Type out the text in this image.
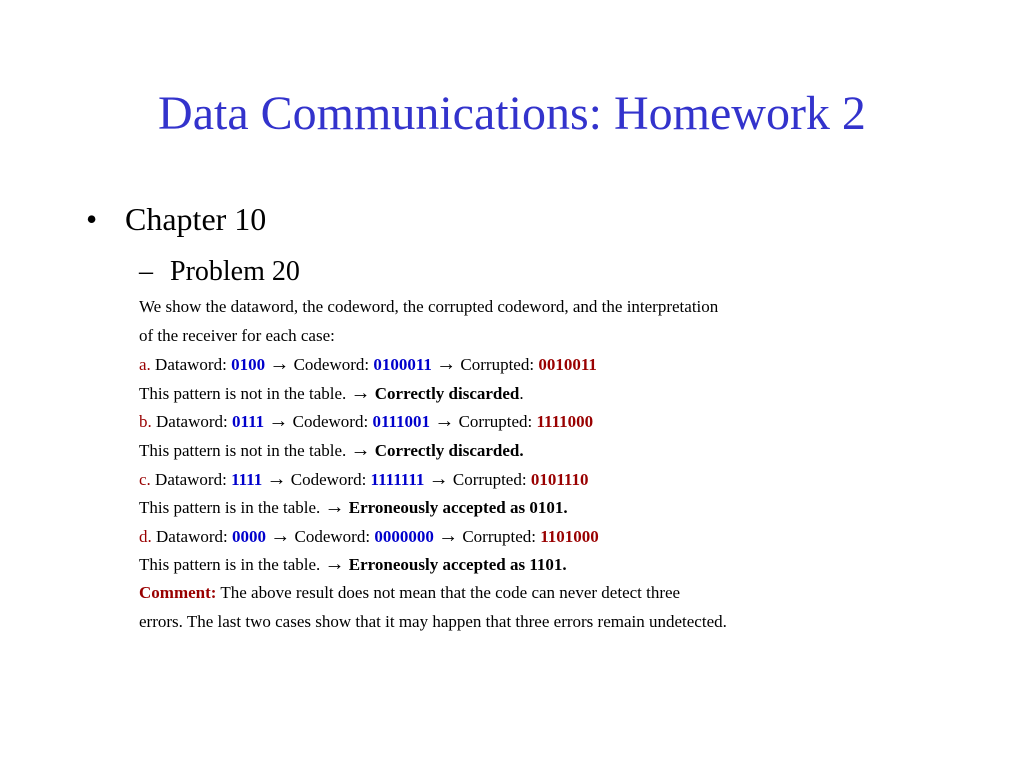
Data Communications: Homework 2
• Chapter 10
– Problem 20
We show the dataword, the codeword, the corrupted codeword, and the interpretation
of the receiver for each case:
a. Dataword: 0100 → Codeword: 0100011 → Corrupted: 0010011
This pattern is not in the table. → Correctly discarded.
b. Dataword: 0111 → Codeword: 0111001 → Corrupted: 1111000
This pattern is not in the table. → Correctly discarded.
c. Dataword: 1111 → Codeword: 1111111 → Corrupted: 0101110
This pattern is in the table. → Erroneously accepted as 0101.
d. Dataword: 0000 → Codeword: 0000000 → Corrupted: 1101000
This pattern is in the table. → Erroneously accepted as 1101.
Comment: The above result does not mean that the code can never detect three
errors. The last two cases show that it may happen that three errors remain undetected.
